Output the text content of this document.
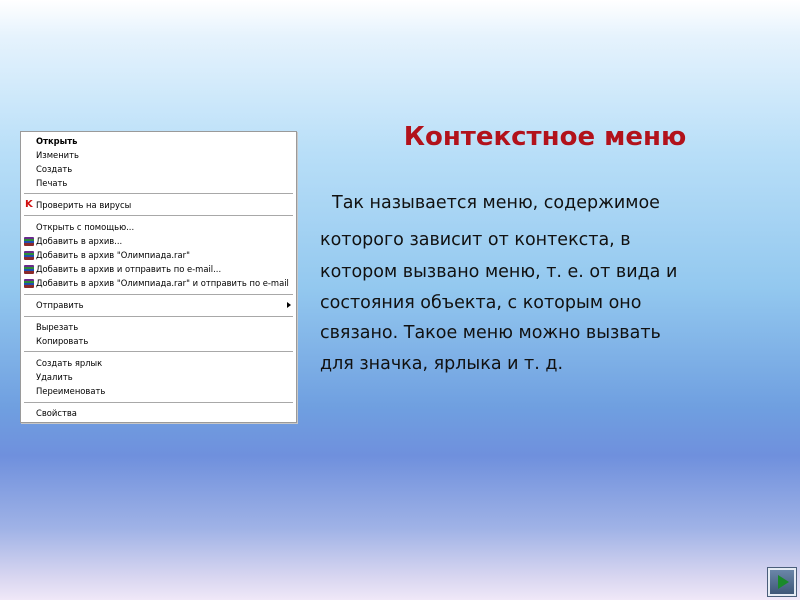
Открыть
Изменить
Создать
Печать
K Проверить на вирусы
Открыть с помощью...
Добавить в архив...
Добавить в архив "Олимпиада.rar"
Добавить в архив и отправить по e-mail...
Добавить в архив "Олимпиада.rar" и отправить по e-mail
Отправить
Вырезать
Копировать
Создать ярлык
Удалить
Переименовать
Свойства
Контекстное меню
Так называется меню, содержимое
которого зависит от контекста, в
котором вызвано меню, т. е. от вида и
состояния объекта, с которым оно
связано. Такое меню можно вызвать
для значка, ярлыка и т. д.
